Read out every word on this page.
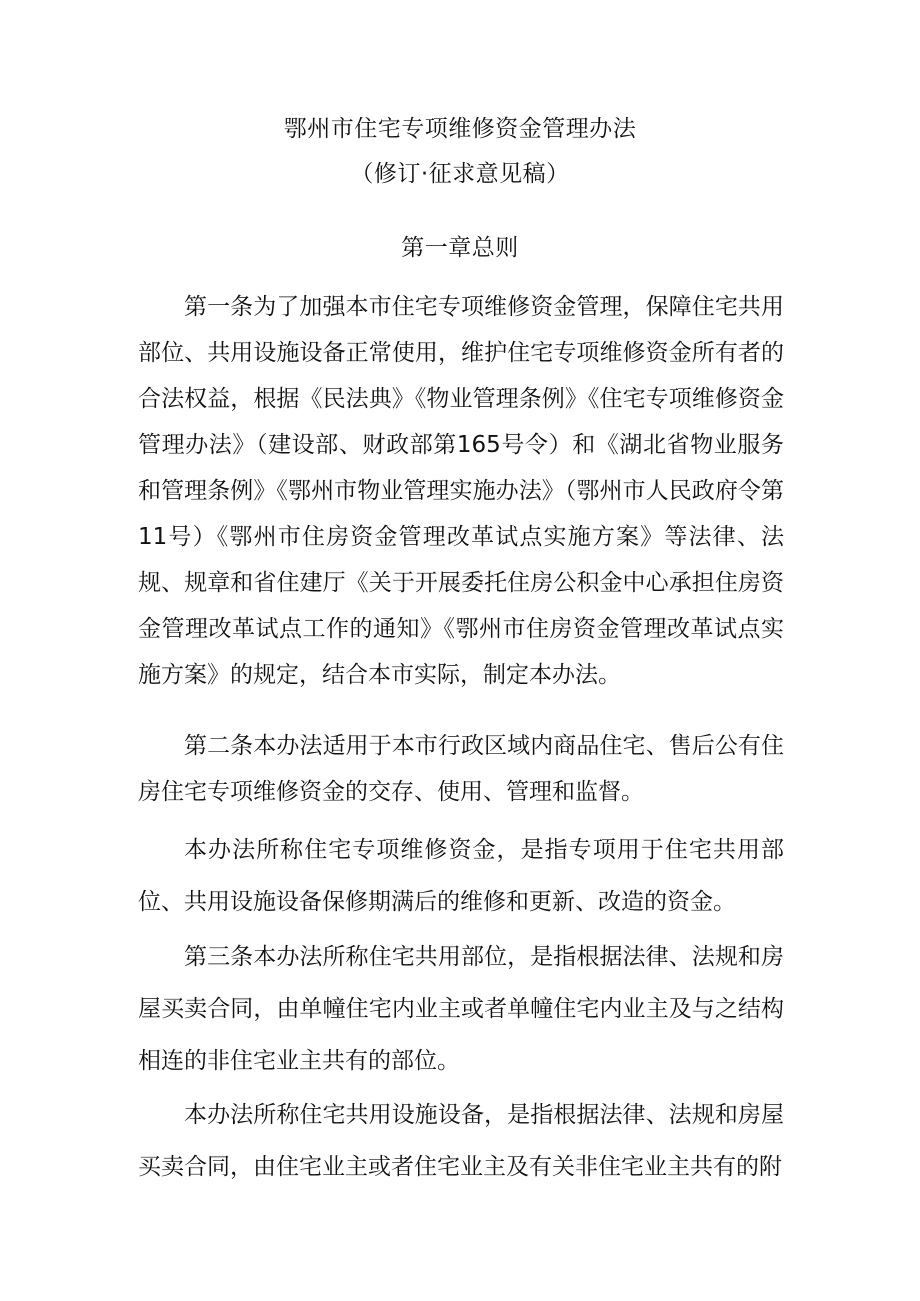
鄂州市住宅专项维修资金管理办法
（修订·征求意见稿）
第一章总则
第一条为了加强本市住宅专项维修资金管理，保障住宅共用部位、共用设施设备正常使用，维护住宅专项维修资金所有者的合法权益，根据《民法典》《物业管理条例》《住宅专项维修资金管理办法》（建设部、财政部第165号令）和《湖北省物业服务和管理条例》《鄂州市物业管理实施办法》（鄂州市人民政府令第11号）《鄂州市住房资金管理改革试点实施方案》等法律、法规、规章和省住建厅《关于开展委托住房公积金中心承担住房资金管理改革试点工作的通知》《鄂州市住房资金管理改革试点实施方案》的规定，结合本市实际，制定本办法。
第二条本办法适用于本市行政区域内商品住宅、售后公有住房住宅专项维修资金的交存、使用、管理和监督。
本办法所称住宅专项维修资金，是指专项用于住宅共用部位、共用设施设备保修期满后的维修和更新、改造的资金。
第三条本办法所称住宅共用部位，是指根据法律、法规和房屋买卖合同，由单幢住宅内业主或者单幢住宅内业主及与之结构相连的非住宅业主共有的部位。
本办法所称住宅共用设施设备，是指根据法律、法规和房屋买卖合同，由住宅业主或者住宅业主及有关非住宅业主共有的附
